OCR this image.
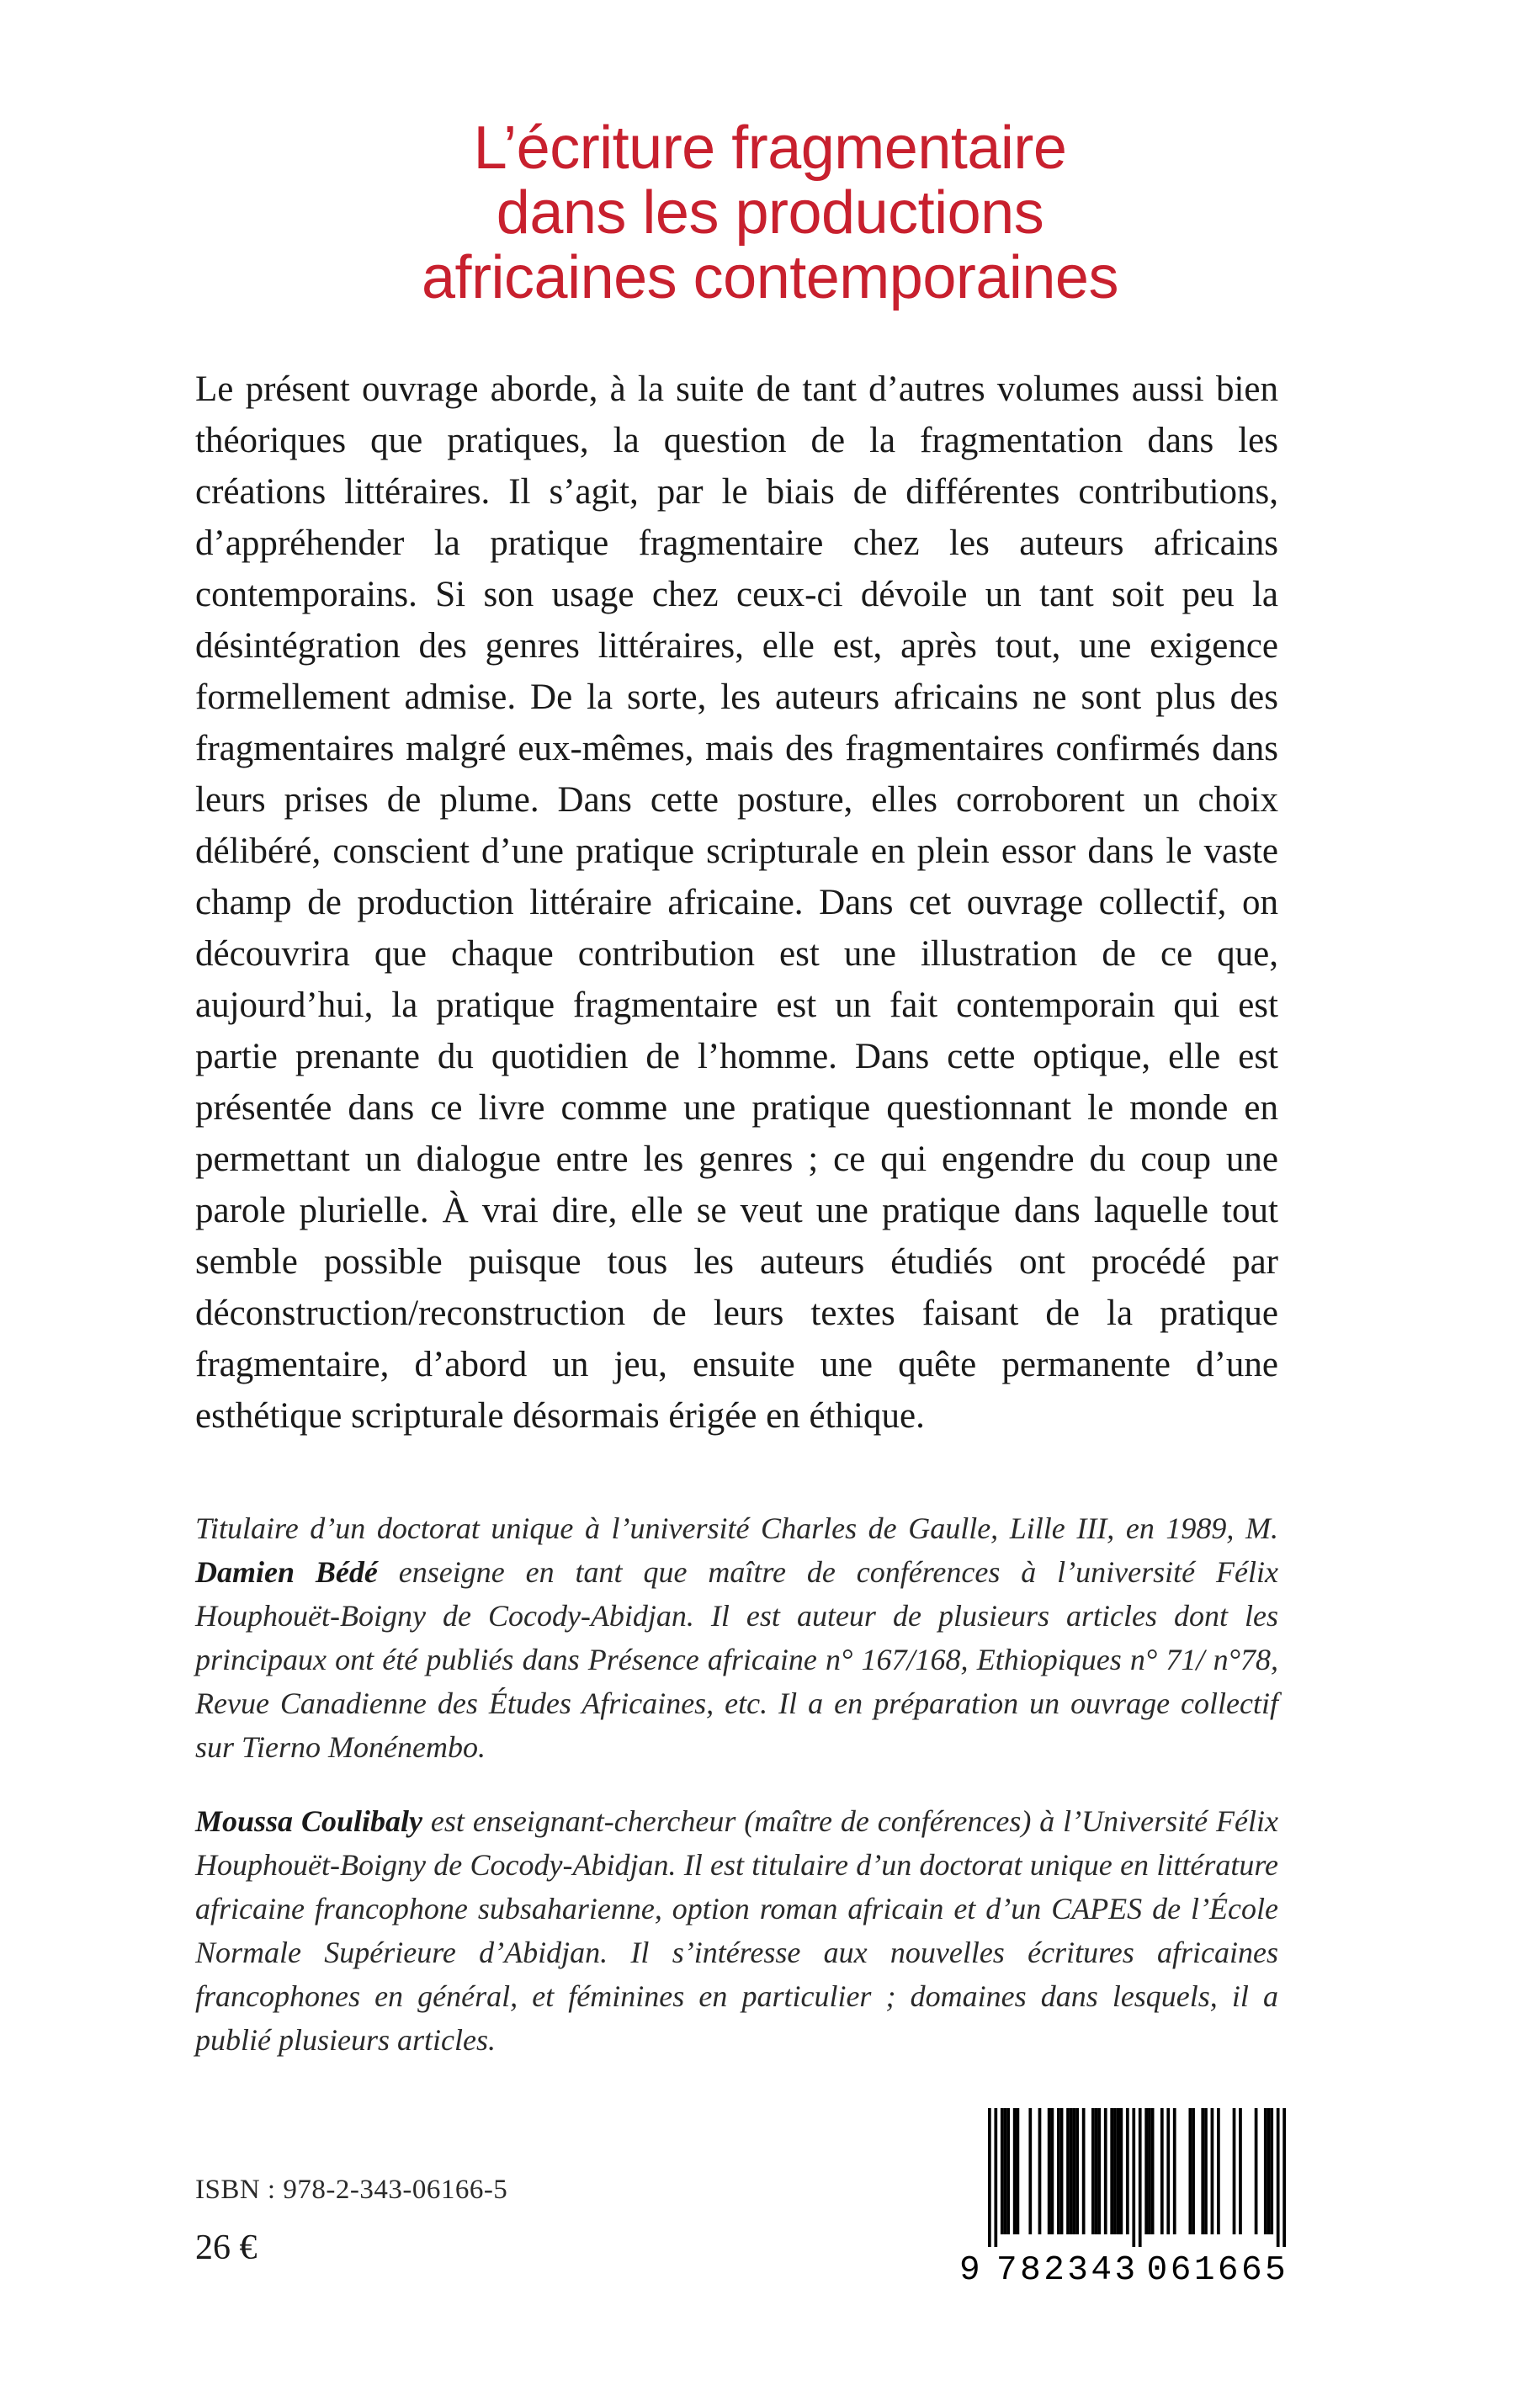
L’écriture fragmentaire
dans les productions
africaines contemporaines

Le présent ouvrage aborde, à la suite de tant d’autres volumes aussi bien théoriques que pratiques, la question de la fragmentation dans les créations littéraires. Il s’agit, par le biais de différentes contributions, d’appréhender la pratique fragmentaire chez les auteurs africains contemporains. Si son usage chez ceux-ci dévoile un tant soit peu la désintégration des genres littéraires, elle est, après tout, une exigence formellement admise. De la sorte, les auteurs africains ne sont plus des fragmentaires malgré eux-mêmes, mais des fragmentaires confirmés dans leurs prises de plume. Dans cette posture, elles corroborent un choix délibéré, conscient d’une pratique scripturale en plein essor dans le vaste champ de production littéraire africaine. Dans cet ouvrage collectif, on découvrira que chaque contribution est une illustration de ce que, aujourd’hui, la pratique fragmentaire est un fait contemporain qui est partie prenante du quotidien de l’homme. Dans cette optique, elle est présentée dans ce livre comme une pratique questionnant le monde en permettant un dialogue entre les genres ; ce qui engendre du coup une parole plurielle. À vrai dire, elle se veut une pratique dans laquelle tout semble possible puisque tous les auteurs étudiés ont procédé par déconstruction/reconstruction de leurs textes faisant de la pratique fragmentaire, d’abord un jeu, ensuite une quête permanente d’une esthétique scripturale désormais érigée en éthique.

Titulaire d’un doctorat unique à l’université Charles de Gaulle, Lille III, en 1989, M. Damien Bédé enseigne en tant que maître de conférences à l’université Félix Houphouët-Boigny de Cocody-Abidjan. Il est auteur de plusieurs articles dont les principaux ont été publiés dans Présence africaine n° 167/168, Ethiopiques n° 71/ n°78, Revue Canadienne des Études Africaines, etc. Il a en préparation un ouvrage collectif sur Tierno Monénembo.

Moussa Coulibaly est enseignant-chercheur (maître de conférences) à l’Université Félix Houphouët-Boigny de Cocody-Abidjan. Il est titulaire d’un doctorat unique en littérature africaine francophone subsaharienne, option roman africain et d’un CAPES de l’École Normale Supérieure d’Abidjan. Il s’intéresse aux nouvelles écritures africaines francophones en général, et féminines en particulier ; domaines dans lesquels, il a publié plusieurs articles.

ISBN : 978-2-343-06166-5

26 €

9 782343 061665
